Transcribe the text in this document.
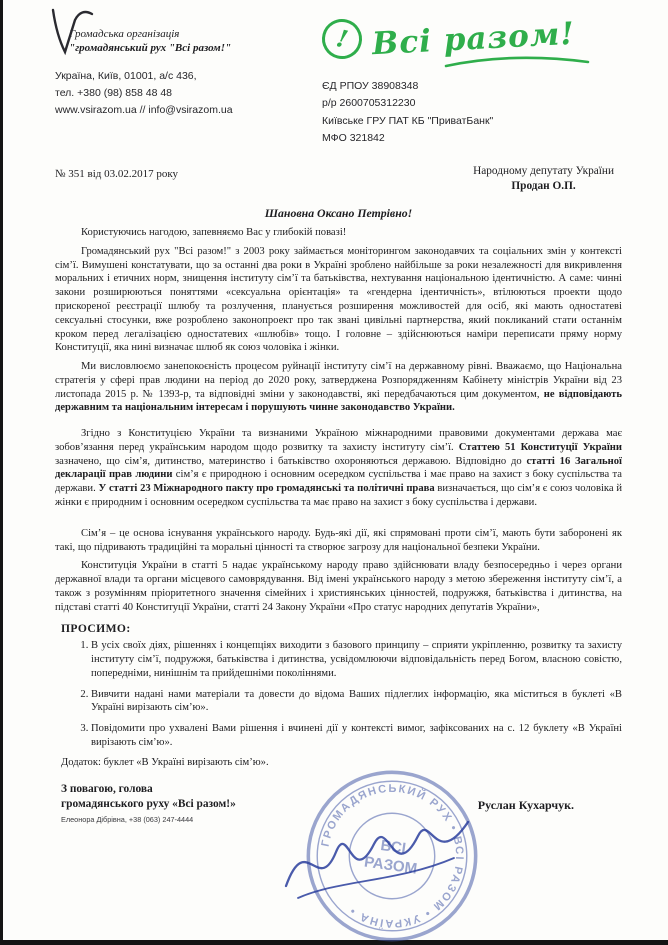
Громадська організація
"громадянський рух "Всі разом!"
Україна, Київ, 01001, а/с 436,
тел. +380 (98) 858 48 48
www.vsirazom.ua // info@vsirazom.ua
! Всі разом!
ЄД РПОУ 38908348
р/р 2600705312230
Київське ГРУ ПАТ КБ "ПриватБанк"
МФО 321842
№ 351 від 03.02.2017 року	Народному депутату України
Продан О.П.
Шановна Оксано Петрівно!

Користуючись нагодою, запевняємо Вас у глибокій повазі!

Громадянський рух "Всі разом!" з 2003 року займається моніторингом законодавчих та соціальних змін у контексті сім’ї. Вимушені констатувати, що за останні два роки в Україні зроблено найбільше за роки незалежності для викривлення моральних і етичних норм, знищення інституту сім’ї та батьківства, нехтування національною ідентичністю. А саме: чинні закони розширюються поняттями «сексуальна орієнтація» та «гендерна ідентичність», втілюються проекти щодо прискореної реєстрації шлюбу та розлучення, планується розширення можливостей для осіб, які мають одностатеві сексуальні стосунки, вже розроблено законопроект про так звані цивільні партнерства, який покликаний стати останнім кроком перед легалізацією одностатевих «шлюбів» тощо. І головне – здійснюються наміри переписати пряму норму Конституції, яка нині визначає шлюб як союз чоловіка і жінки.

Ми висловлюємо занепокоєність процесом руйнації інституту сім’ї на державному рівні. Вважаємо, що Національна стратегія у сфері прав людини на період до 2020 року, затверджена Розпорядженням Кабінету міністрів України від 23 листопада 2015 р. № 1393-р, та відповідні зміни у законодавстві, які передбачаються цим документом, не відповідають державним та національним інтересам і порушують чинне законодавство України.

Згідно з Конституцією України та визнаними Україною міжнародними правовими документами держава має зобов’язання перед українським народом щодо розвитку та захисту інституту сім’ї. Статтею 51 Конституції України зазначено, що сім’я, дитинство, материнство і батьківство охороняються державою. Відповідно до статті 16 Загальної декларації прав людини сім’я є природною і основним осередком суспільства і має право на захист з боку суспільства та держави. У статті 23 Міжнародного пакту про громадянські та політичні права визначається, що сім’я є союз чоловіка й жінки є природним і основним осередком суспільства та має право на захист з боку суспільства і держави.

Сім’я – це основа існування українського народу. Будь-які дії, які спрямовані проти сім’ї, мають бути заборонені як такі, що підривають традиційні та моральні цінності та створює загрозу для національної безпеки України.

Конституція України в статті 5 надає українському народу право здійснювати владу безпосередньо і через органи державної влади та органи місцевого самоврядування. Від імені українського народу з метою збереження інституту сім’ї, а також з розумінням пріоритетного значення сімейних і християнських цінностей, подружжя, батьківства і дитинства, на підставі статті 40 Конституції України, статті 24 Закону України «Про статус народних депутатів України»,

ПРОСИМО:
1. В усіх своїх діях, рішеннях і концепціях виходити з базового принципу – сприяти укріпленню, розвитку та захисту інституту сім’ї, подружжя, батьківства і дитинства, усвідомлюючи відповідальність перед Богом, власною совістю, попередніми, нинішнім та прийдешніми поколіннями.
2. Вивчити надані нами матеріали та довести до відома Ваших підлеглих інформацію, яка міститься в буклеті «В Україні вирізають сім’ю».
3. Повідомити про ухвалені Вами рішення і вчинені дії у контексті вимог, зафіксованих на с. 12 буклету «В Україні вирізають сім’ю».
Додаток: буклет «В Україні вирізають сім’ю».
З повагою, голова
громадянського руху «Всі разом!»
Елеонора Дібрівна, +38 (063) 247-4444
Руслан Кухарчук.
ГРОМАДЯНСЬКИЙ РУХ • ВСІ РАЗОМ • УКРАЇНА •
ВСІ
РАЗОМ
